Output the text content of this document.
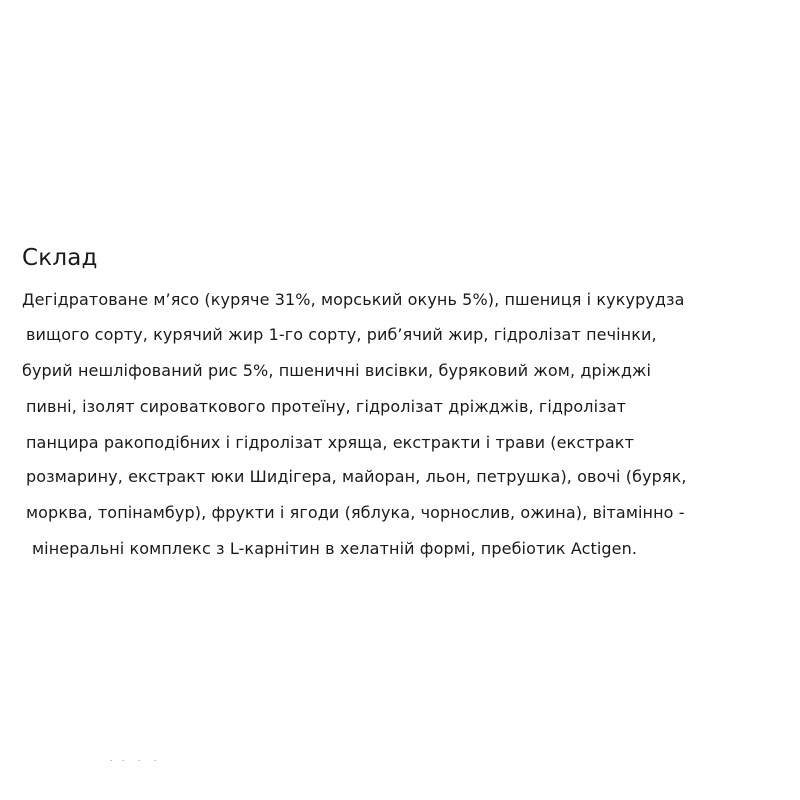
Склад
Дегідратоване м’ясо (куряче 31%, морський окунь 5%), пшениця і кукурудза
вищого сорту, курячий жир 1-го сорту, риб’ячий жир, гідролізат печінки,
бурий нешліфований рис 5%, пшеничні висівки, буряковий жом, дріжджі
пивні, ізолят сироваткового протеїну, гідролізат дріжджів, гідролізат
панцира ракоподібних і гідролізат хряща, екстракти і трави (екстракт
розмарину, екстракт юки Шидігера, майоран, льон, петрушка), овочі (буряк,
морква, топінамбур), фрукти і ягоди (яблука, чорнослив, ожина), вітамінно -
мінеральні комплекс з L-карнітин в хелатній формі, пребіотик Actigen.
